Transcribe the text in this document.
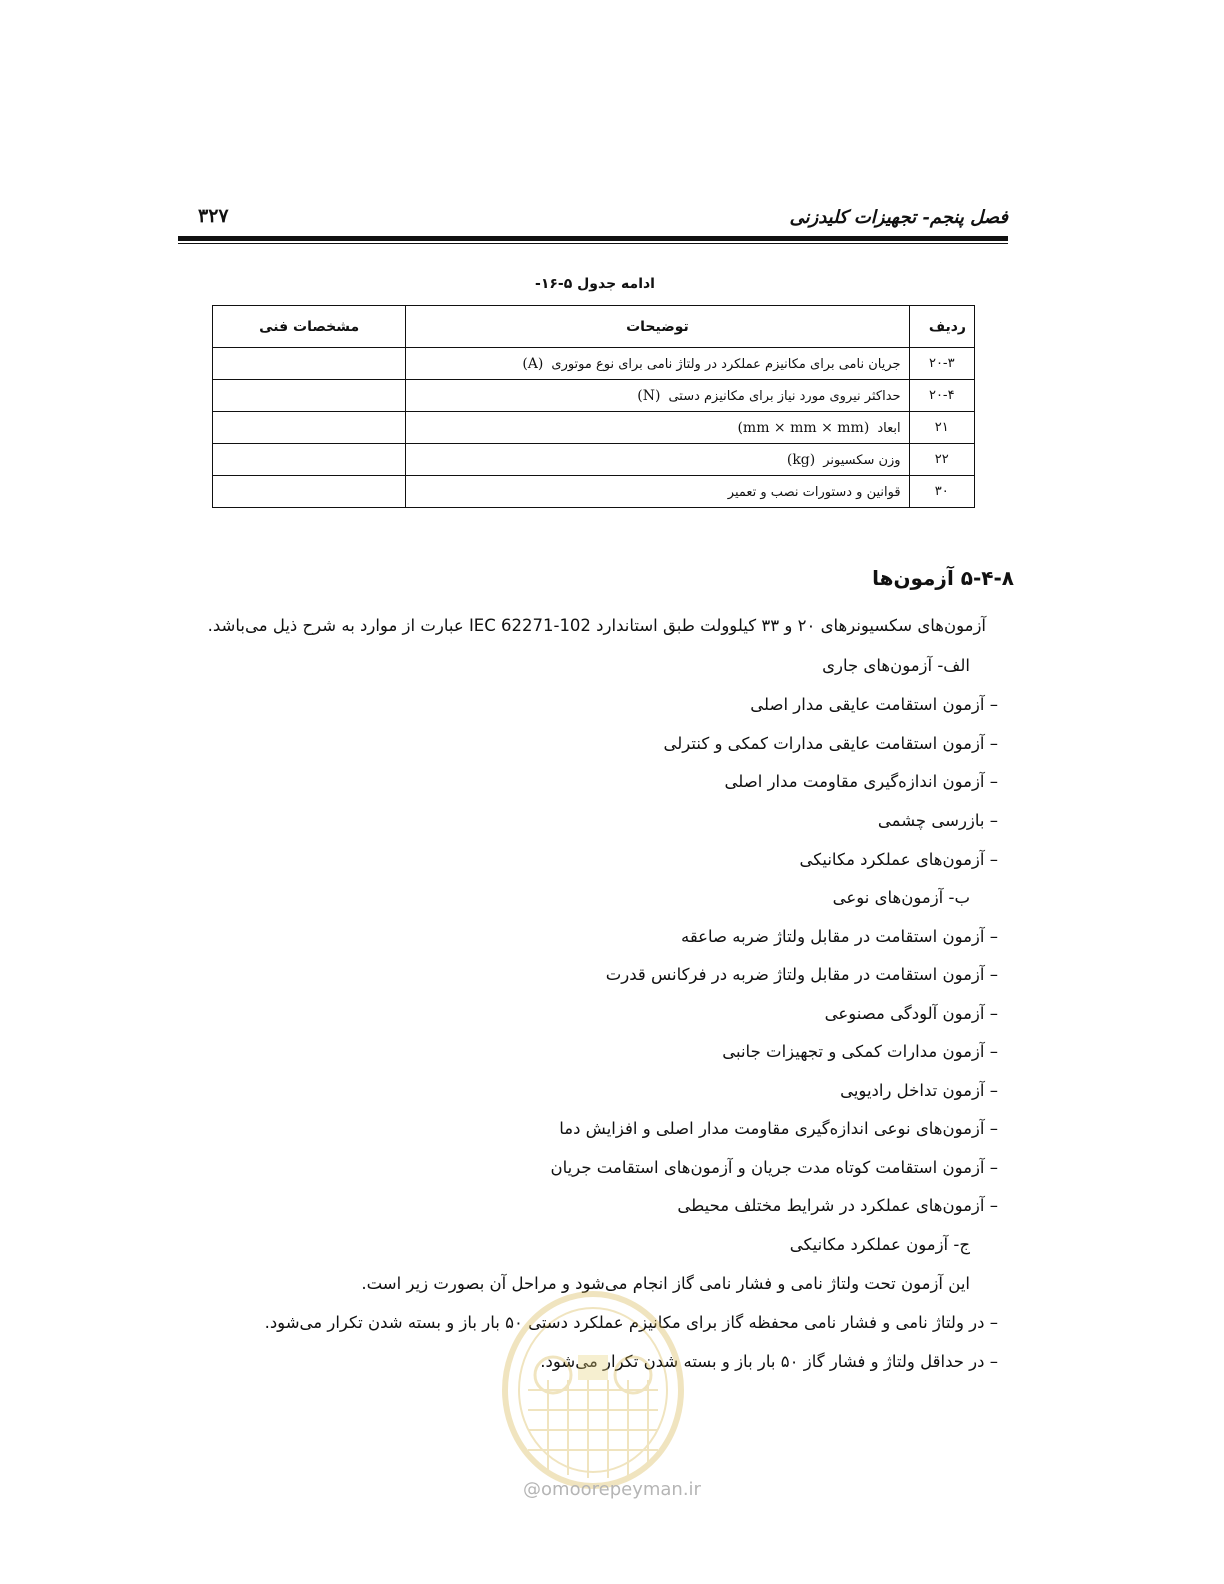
۳۲۷	فصل پنجم- تجهیزات کلیدزنی
ادامه جدول ۵-۱۶-
ردیف	توضیحات	مشخصات فنی
۲۰-۳	جریان نامی برای مکانیزم عملکرد در ولتاژ نامی برای نوع موتوری(A)	
۲۰-۴	حداکثر نیروی مورد نیاز برای مکانیزم دستی(N)	
۲۱	ابعاد(mm × mm × mm)	
۲۲	وزن سکسیونر(kg)	
۳۰	قوانین و دستورات نصب و تعمیر	
۵-۴-۸ آزمون‌ها
آزمون‌های سکسیونرهای ۲۰ و ۳۳ کیلوولت طبق استاندارد IEC 62271-102 عبارت از موارد به شرح ذیل می‌باشد.
الف- آزمون‌های جاری
– آزمون استقامت عایقی مدار اصلی
– آزمون استقامت عایقی مدارات کمکی و کنترلی
– آزمون اندازه‌گیری مقاومت مدار اصلی
– بازرسی چشمی
– آزمون‌های عملکرد مکانیکی
ب- آزمون‌های نوعی
– آزمون استقامت در مقابل ولتاژ ضربه صاعقه
– آزمون استقامت در مقابل ولتاژ ضربه در فرکانس قدرت
– آزمون آلودگی مصنوعی
– آزمون مدارات کمکی و تجهیزات جانبی
– آزمون تداخل رادیویی
– آزمون‌های نوعی اندازه‌گیری مقاومت مدار اصلی و افزایش دما
– آزمون استقامت کوتاه مدت جریان و آزمون‌های استقامت جریان
– آزمون‌های عملکرد در شرایط مختلف محیطی
ج- آزمون عملکرد مکانیکی
این آزمون تحت ولتاژ نامی و فشار نامی گاز انجام می‌شود و مراحل آن بصورت زیر است.
– در ولتاژ نامی و فشار نامی محفظه گاز برای مکانیزم عملکرد دستی ۵۰ بار باز و بسته شدن تکرار می‌شود.
– در حداقل ولتاژ و فشار گاز ۵۰ بار باز و بسته شدن تکرار می‌شود.
@omoorepeyman.ir
